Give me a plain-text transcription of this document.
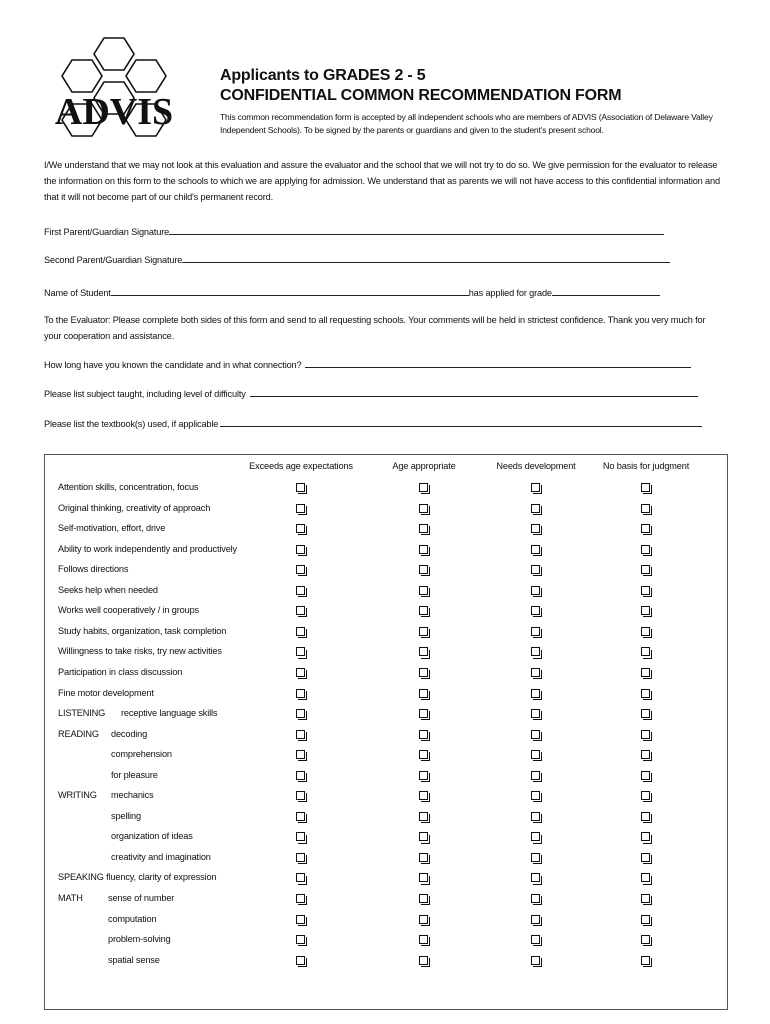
ADVIS
Applicants to GRADES 2 - 5
CONFIDENTIAL COMMON RECOMMENDATION FORM
This common recommendation form is accepted by all independent schools who are members of ADVIS (Association of Delaware Valley Independent Schools). To be signed by the parents or guardians and given to the student's present school.
I/We understand that we may not look at this evaluation and assure the evaluator and the school that we will not try to do so. We give permission for the evaluator to release the information on this form to the schools to which we are applying for admission. We understand that as parents we will not have access to this confidential information and that it will not become part of our child's permanent record.
First Parent/Guardian Signature
Second Parent/Guardian Signature
Name of Student	has applied for grade
To the Evaluator: Please complete both sides of this form and send to all requesting schools. Your comments will be held in strictest confidence. Thank you very much for your cooperation and assistance.
How long have you known the candidate and in what connection?
Please list subject taught, including level of difficulty
Please list the textbook(s) used, if applicable
Exceeds age expectations	Age appropriate	Needs development	No basis for judgment
Attention skills, concentration, focus
Original thinking, creativity of approach
Self-motivation, effort, drive
Ability to work independently and productively
Follows directions
Seeks help when needed
Works well cooperatively / in groups
Study habits, organization, task completion
Willingness to take risks, try new activities
Participation in class discussion
Fine motor development
LISTENING receptive language skills
READING decoding
comprehension
for pleasure
WRITING mechanics
spelling
organization of ideas
creativity and imagination
SPEAKING fluency, clarity of expression
MATH	sense of number
computation
problem-solving
spatial sense
